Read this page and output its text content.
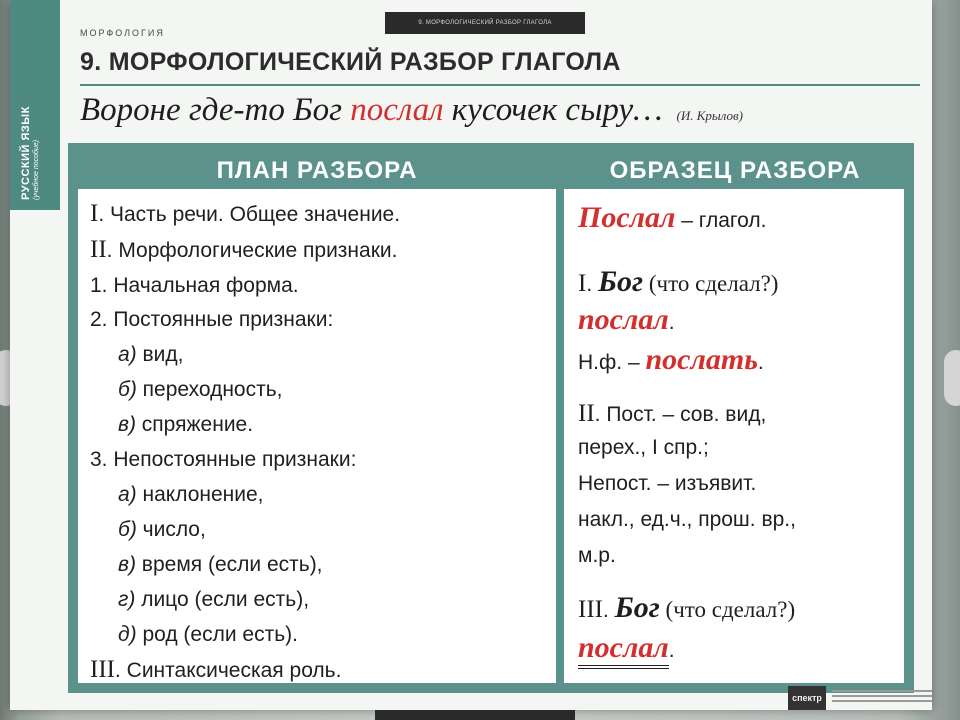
РУССКИЙ ЯЗЫК (учебное пособие)
9. МОРФОЛОГИЧЕСКИЙ РАЗБОР ГЛАГОЛА
МОРФОЛОГИЯ
9. МОРФОЛОГИЧЕСКИЙ РАЗБОР ГЛАГОЛА
Вороне где-то Бог послал кусочек сыру… (И. Крылов)
ПЛАН РАЗБОРА	ОБРАЗЕЦ РАЗБОРА
I. Часть речи. Общее значение.
II. Морфологические признаки.
1. Начальная форма.
2. Постоянные признаки:
а) вид,
б) переходность,
в) спряжение.
3. Непостоянные признаки:
а) наклонение,
б) число,
в) время (если есть),
г) лицо (если есть),
д) род (если есть).
III. Синтаксическая роль.
Послал – глагол.
I. Бог (что сделал?)
послал.
Н.ф. – послать.
II. Пост. – сов. вид,
перех., I спр.;
Непост. – изъявит.
накл., ед.ч., прош. вр.,
м.р.
III. Бог (что сделал?)
послал.
спектр
